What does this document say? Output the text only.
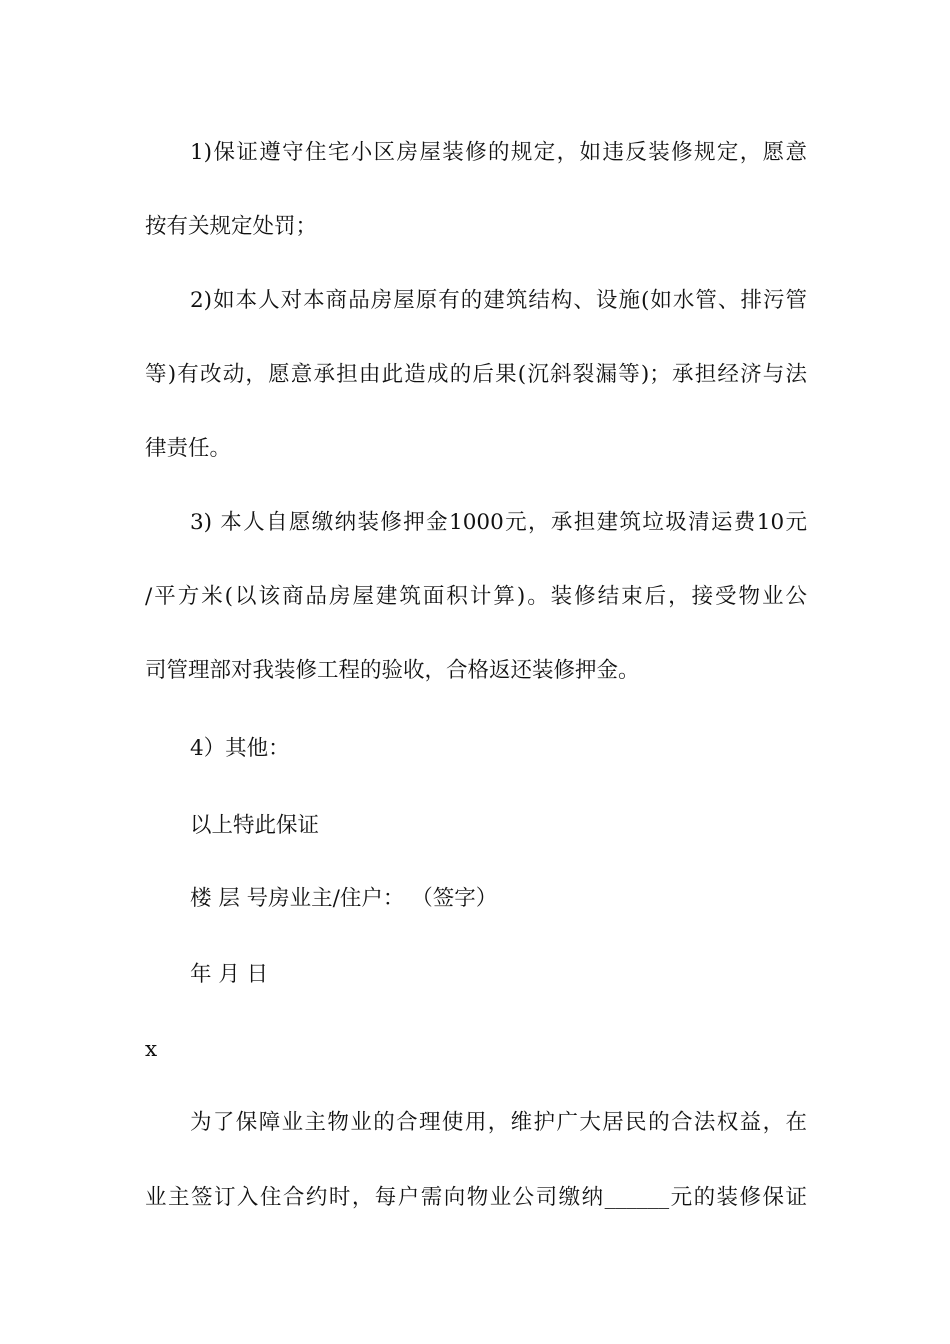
1)保证遵守住宅小区房屋装修的规定，如违反装修规定，愿意
按有关规定处罚；
2)如本人对本商品房屋原有的建筑结构、设施(如水管、排污管
等)有改动，愿意承担由此造成的后果(沉斜裂漏等)；承担经济与法
律责任。
3) 本人自愿缴纳装修押金1000元，承担建筑垃圾清运费10元
/平方米(以该商品房屋建筑面积计算)。装修结束后，接受物业公
司管理部对我装修工程的验收，合格返还装修押金。
4）其他：
以上特此保证
楼 层 号房业主/住户： （签字）
年 月 日
x
为了保障业主物业的合理使用，维护广大居民的合法权益，在
业主签订入住合约时，每户需向物业公司缴纳______元的装修保证
